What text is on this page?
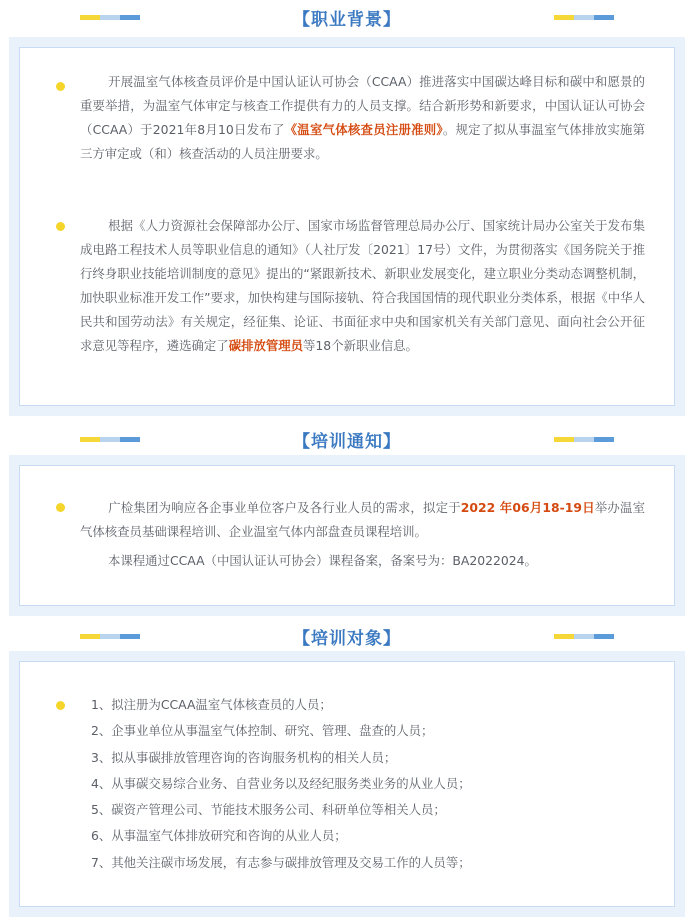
【职业背景】

开展温室气体核查员评价是中国认证认可协会（CCAA）推进落实中国碳达峰目标和碳中和愿景的重要举措，为温室气体审定与核查工作提供有力的人员支撑。结合新形势和新要求，中国认证认可协会（CCAA）于2021年8月10日发布了《温室气体核查员注册准则》。规定了拟从事温室气体排放实施第三方审定或（和）核查活动的人员注册要求。

根据《人力资源社会保障部办公厅、国家市场监督管理总局办公厅、国家统计局办公室关于发布集成电路工程技术人员等职业信息的通知》（人社厅发〔2021〕17号）文件，为贯彻落实《国务院关于推行终身职业技能培训制度的意见》提出的“紧跟新技术、新职业发展变化，建立职业分类动态调整机制，加快职业标准开发工作”要求，加快构建与国际接轨、符合我国国情的现代职业分类体系，根据《中华人民共和国劳动法》有关规定，经征集、论证、书面征求中央和国家机关有关部门意见、面向社会公开征求意见等程序，遴选确定了碳排放管理员等18个新职业信息。

【培训通知】

广检集团为响应各企事业单位客户及各行业人员的需求，拟定于2022 年06月18-19日举办温室气体核查员基础课程培训、企业温室气体内部盘查员课程培训。

本课程通过CCAA（中国认证认可协会）课程备案，备案号为：BA2022024。

【培训对象】
1、拟注册为CCAA温室气体核查员的人员；
2、企事业单位从事温室气体控制、研究、管理、盘查的人员；
3、拟从事碳排放管理咨询的咨询服务机构的相关人员；
4、从事碳交易综合业务、自营业务以及经纪服务类业务的从业人员；
5、碳资产管理公司、节能技术服务公司、科研单位等相关人员；
6、从事温室气体排放研究和咨询的从业人员；
7、其他关注碳市场发展，有志参与碳排放管理及交易工作的人员等；
